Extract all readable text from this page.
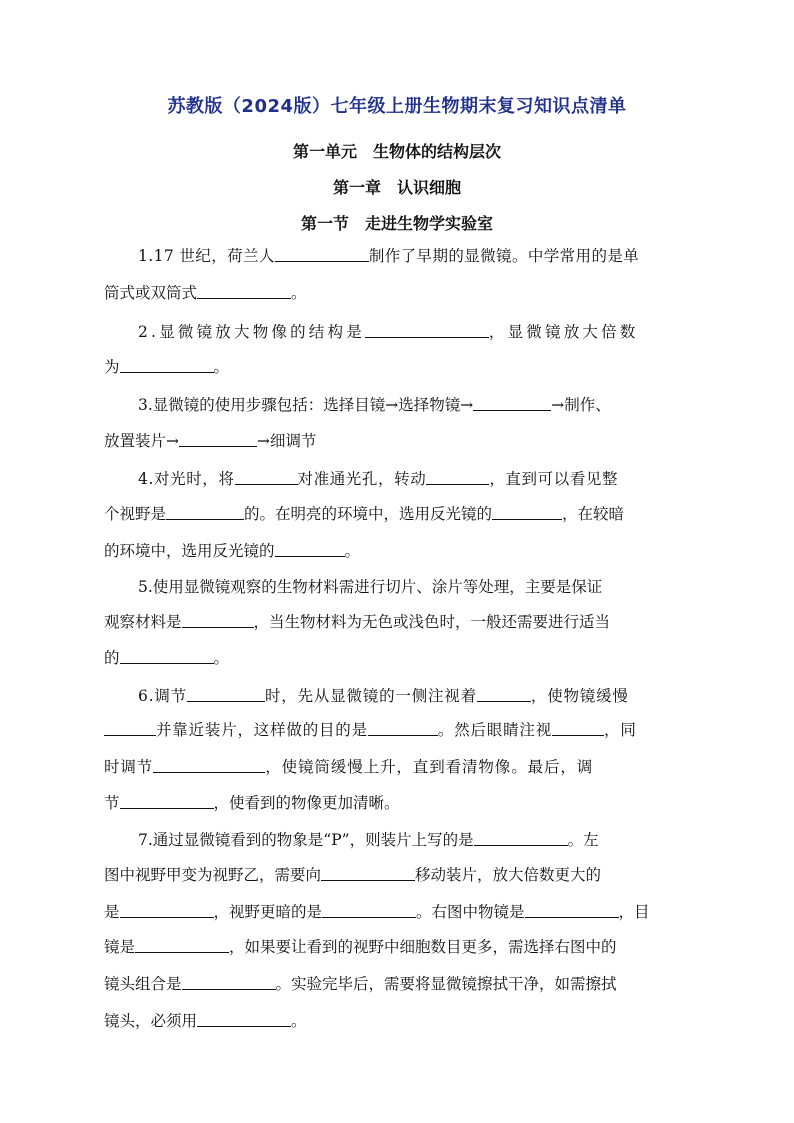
苏教版（2024版）七年级上册生物期末复习知识点清单
第一单元　生物体的结构层次
第一章　认识细胞
第一节　走进生物学实验室
1.17 世纪，荷兰人	制作了早期的显微镜。中学常用的是单
筒式或双筒式	。
2.显微镜放大物像的结构是	，显微镜放大倍数
为	。
3.显微镜的使用步骤包括：选择目镜→选择物镜→	→制作、
放置装片→	→细调节
4.对光时，将	对准通光孔，转动	，直到可以看见整
个视野是	的。在明亮的环境中，选用反光镜的	，在较暗
的环境中，选用反光镜的	。
5.使用显微镜观察的生物材料需进行切片、涂片等处理，主要是保证
观察材料是	，当生物材料为无色或浅色时，一般还需要进行适当
的	。
6.调节	时，先从显微镜的一侧注视着	，使物镜缓慢
并靠近装片，这样做的目的是	。然后眼睛注视	，同
时调节	，使镜筒缓慢上升，直到看清物像。最后，调
节	，使看到的物像更加清晰。
7.通过显微镜看到的物象是“P”，则装片上写的是	。左
图中视野甲变为视野乙，需要向	移动装片，放大倍数更大的
是	，视野更暗的是	。右图中物镜是	，目
镜是	，如果要让看到的视野中细胞数目更多，需选择右图中的
镜头组合是	。实验完毕后，需要将显微镜擦拭干净，如需擦拭
镜头，必须用	。
